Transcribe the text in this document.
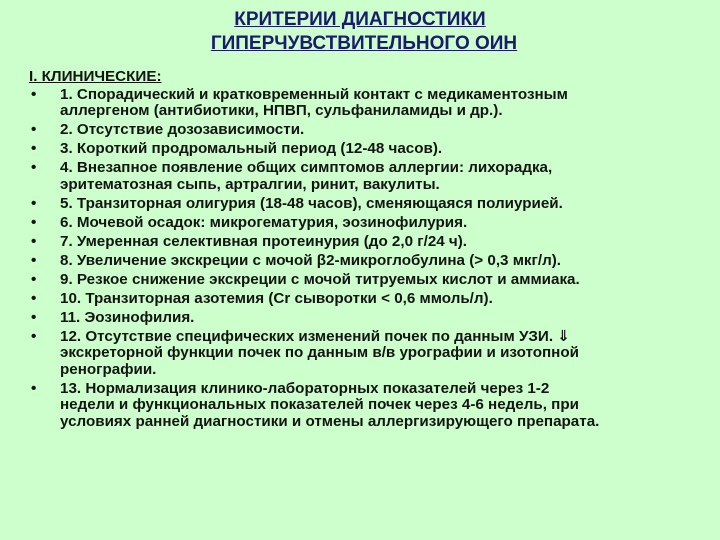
КРИТЕРИИ ДИАГНОСТИКИ
ГИПЕРЧУВСТВИТЕЛЬНОГО ОИН
I. КЛИНИЧЕСКИЕ:
• 1. Спорадический и кратковременный контакт с медикаментозным
аллергеном (антибиотики, НПВП, сульфаниламиды и др.).
• 2. Отсутствие дозозависимости.
• 3. Короткий продромальный период (12-48 часов).
• 4. Внезапное появление общих симптомов аллергии: лихорадка,
эритематозная сыпь, артралгии, ринит, вакулиты.
• 5. Транзиторная олигурия (18-48 часов), сменяющаяся полиурией.
• 6. Мочевой осадок: микрогематурия, эозинофилурия.
• 7. Умеренная селективная протеинурия (до 2,0 г/24 ч).
• 8. Увеличение экскреции с мочой β2-микроглобулина (> 0,3 мкг/л).
• 9. Резкое снижение экскреции с мочой титруемых кислот и аммиака.
• 10. Транзиторная азотемия (Cr сыворотки < 0,6 ммоль/л).
• 11. Эозинофилия.
• 12. Отсутствие специфических изменений почек по данным УЗИ. ⇓
экскреторной функции почек по данным в/в урографии и изотопной
ренографии.
• 13. Нормализация клинико-лабораторных показателей через 1-2
недели и функциональных показателей почек через 4-6 недель, при
условиях ранней диагностики и отмены аллергизирующего препарата.
